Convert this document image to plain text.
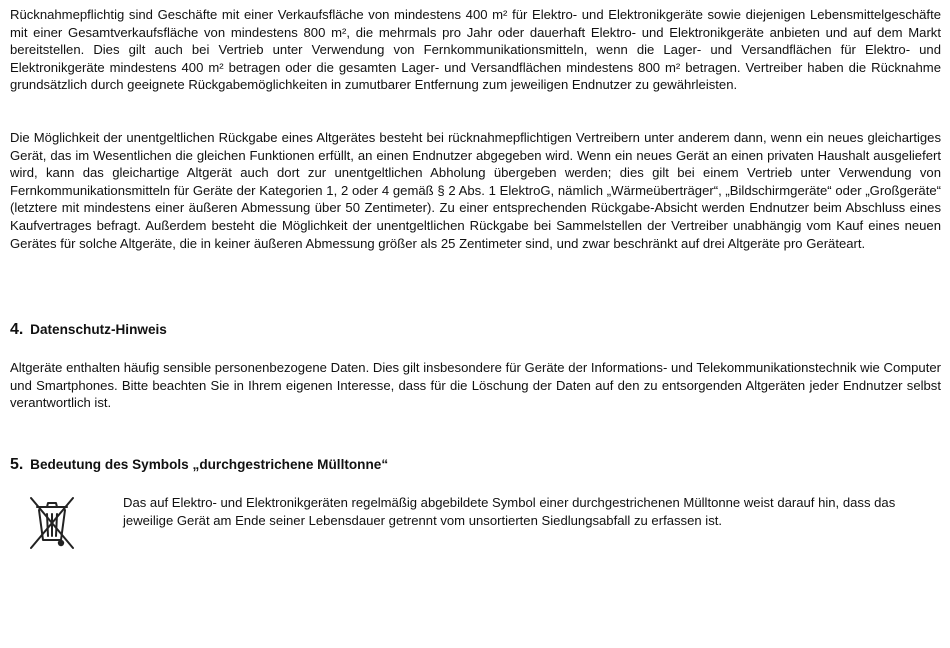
Rücknahmepflichtig sind Geschäfte mit einer Verkaufsfläche von mindestens 400 m² für Elektro- und Elektronikgeräte sowie diejenigen Lebensmittelgeschäfte mit einer Gesamtverkaufsfläche von mindestens 800 m², die mehrmals pro Jahr oder dauerhaft Elektro- und Elektronikgeräte anbieten und auf dem Markt bereitstellen. Dies gilt auch bei Vertrieb unter Verwendung von Fernkommunikationsmitteln, wenn die Lager- und Versandflächen für Elektro- und Elektronikgeräte mindestens 400 m² betragen oder die gesamten Lager- und Versandflächen mindestens 800 m² betragen. Vertreiber haben die Rücknahme grundsätzlich durch geeignete Rückgabemöglichkeiten in zumutbarer Entfernung zum jeweiligen Endnutzer zu gewährleisten.

Die Möglichkeit der unentgeltlichen Rückgabe eines Altgerätes besteht bei rücknahmepflichtigen Vertreibern unter anderem dann, wenn ein neues gleichartiges Gerät, das im Wesentlichen die gleichen Funktionen erfüllt, an einen Endnutzer abgegeben wird. Wenn ein neues Gerät an einen privaten Haushalt ausgeliefert wird, kann das gleichartige Altgerät auch dort zur unentgeltlichen Abholung übergeben werden; dies gilt bei einem Vertrieb unter Verwendung von Fernkommunikationsmitteln für Geräte der Kategorien 1, 2 oder 4 gemäß § 2 Abs. 1 ElektroG, nämlich „Wärmeüberträger“, „Bildschirmgeräte“ oder „Großgeräte“ (letztere mit mindestens einer äußeren Abmessung über 50 Zentimeter). Zu einer entsprechenden Rückgabe-Absicht werden Endnutzer beim Abschluss eines Kaufvertrages befragt. Außerdem besteht die Möglichkeit der unentgeltlichen Rückgabe bei Sammelstellen der Vertreiber unabhängig vom Kauf eines neuen Gerätes für solche Altgeräte, die in keiner äußeren Abmessung größer als 25 Zentimeter sind, und zwar beschränkt auf drei Altgeräte pro Geräteart.

4. Datenschutz-Hinweis

Altgeräte enthalten häufig sensible personenbezogene Daten. Dies gilt insbesondere für Geräte der Informations- und Telekommunikationstechnik wie Computer und Smartphones. Bitte beachten Sie in Ihrem eigenen Interesse, dass für die Löschung der Daten auf den zu entsorgenden Altgeräten jeder Endnutzer selbst verantwortlich ist.

5. Bedeutung des Symbols „durchgestrichene Mülltonne“

Das auf Elektro- und Elektronikgeräten regelmäßig abgebildete Symbol einer durchgestrichenen Mülltonne weist darauf hin, dass das jeweilige Gerät am Ende seiner Lebensdauer getrennt vom unsortierten Siedlungsabfall zu erfassen ist.
